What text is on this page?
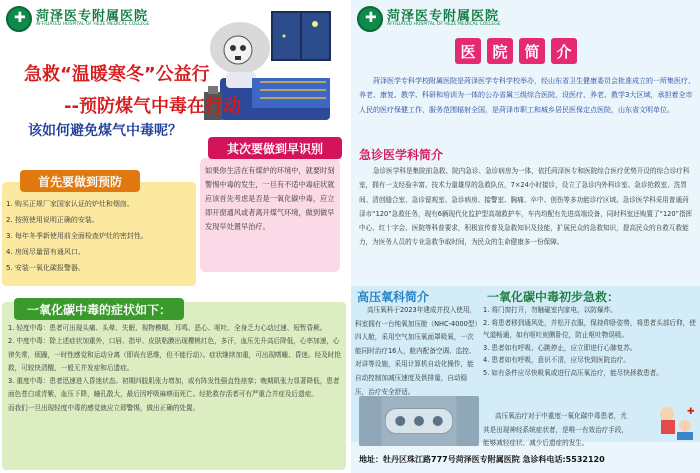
✚
菏泽医专附属医院
AFFILIATED HOSPITAL OF HEZE MEDICAL COLLEGE
急救“温暖寒冬”公益行
--预防煤气中毒在行动
该如何避免煤气中毒呢？
其次要做到早识别
如果你生活在有煤炉的环境中，就要时刻警惕中毒的发生，一旦有不适中毒症状就应该首先考虑是否是一氧化碳中毒，应立即开窗通风或者离开煤气环境，做到做早发现早处置早治疗。
首先要做到预防
1. 购买正规厂家国家认证的炉灶和烟囱。
2. 按照使用说明正确的安装。
3. 每年冬季新使用前全面检查炉灶的密封性。
4. 房间尽量留有通风口。
5. 安装一氧化碳报警器。
一氧化碳中毒的症状如下：

1. 轻度中毒：患者可出现头痛、头晕、失眠、视物模糊、耳鸣、恶心、呕吐、全身乏力心动过速、短暂昏厥。

2. 中度中毒：除上述症状加重外，口唇、指甲、皮肤粘膜出现樱桃红色，多汗，血压先升高后降低，心率加速，心律失常，烦躁，一时性感觉和运动分离（即尚有思维，但不能行动）。症状继续加重，可出现嗜睡、昏迷。经及时抢救，可较快清醒，一般无并发症和后遗症。

3. 重度中毒：患者迅速进入昏迷状态。初期四肢肌张力增加，或有阵发性强直性痉挛；晚期肌张力显著降低，患者面色苍白或青紫，血压下降，瞳孔散大，最后因呼吸麻痹而死亡。经抢救存活者可有严重合并症及后遗症。

而我们一旦出现轻度中毒的感觉就应立即警惕，做出正确的处置。

✚
菏泽医专附属医院
AFFILIATED HOSPITAL OF HEZE MEDICAL COLLEGE
医	院	简	介
菏泽医学专科学校附属医院是菏泽医学专科学校举办，经山东省卫生健康委员会批准成立的一所集医疗、养老、康复、教学、科研和培训为一体的公办省属三级综合医院，设医疗、养老、教学3大区域，承担着全市人民的医疗保健工作，服务范围辐射全国，是菏泽市职工和城乡居民医保定点医院，山东省文明单位。
急诊医学科简介
急诊医学科是集院前急救、院内急诊、急诊病房为一体，依托菏泽医专和医院综合医疗优势开设的综合诊疗科室，拥有一支经验丰富、技术力量雄厚的急救队伍，7×24小时接诊，设立了急诊内外科诊室、急诊抢救室、洗胃间、清创缝合室、急诊留观室、急诊病房、接警室、胸痛、卒中、创伤等多功能诊疗区域。急诊医学科采用普通菏泽市“120”急救任务，现有6辆现代化监护型高端救护车，车内均配有先进高端设备，同时科室还购置了“120”指挥中心、红十字会、医院等科普要求，积极宣传普及急救知识及技能，扩展民众的急救知识，提高民众的自救互救能力，为医务人员的专业急救争取时间，为民众的生命健康多一份保障。
高压氧科简介	一氧化碳中毒初步急救：
高压氧科于2023年建成并投入使用，科室拥有一台纯氧加压舱（NHC-4000型）四人舱，采用空气加压氧面罩吸氧，一次能同时治疗16人，舱内配备空调、监控、对讲等设施，采用计算机自动化操作，能自动控制加减压速度及供排量，自动稳压，治疗安全舒适。

1. 将门窗打开，勿触碰室内家电，以防爆炸。

2. 将患者移到通风处，并松开衣服，保持仰卧姿势，将患者头部后仰，使气道畅通，如有呕吐则侧卧位，防止呕吐物误吸。

3. 患者如有呼吸、心跳停止，应立即进行心肺复苏。

4. 患者如有呼吸，意识不清，应尽快到医院治疗。

5. 如有条件应尽快吸氧或进行高压氧治疗，能尽快拯救患者。

高压氧治疗对于中重度一氧化碳中毒患者，尤其是出现神经系统症状者，是唯一有效治疗手段，能够减轻症状、减少后遗症的发生。
✚
地址：牡丹区珠江路777号菏泽医专附属医院 急诊科电话:5532120
